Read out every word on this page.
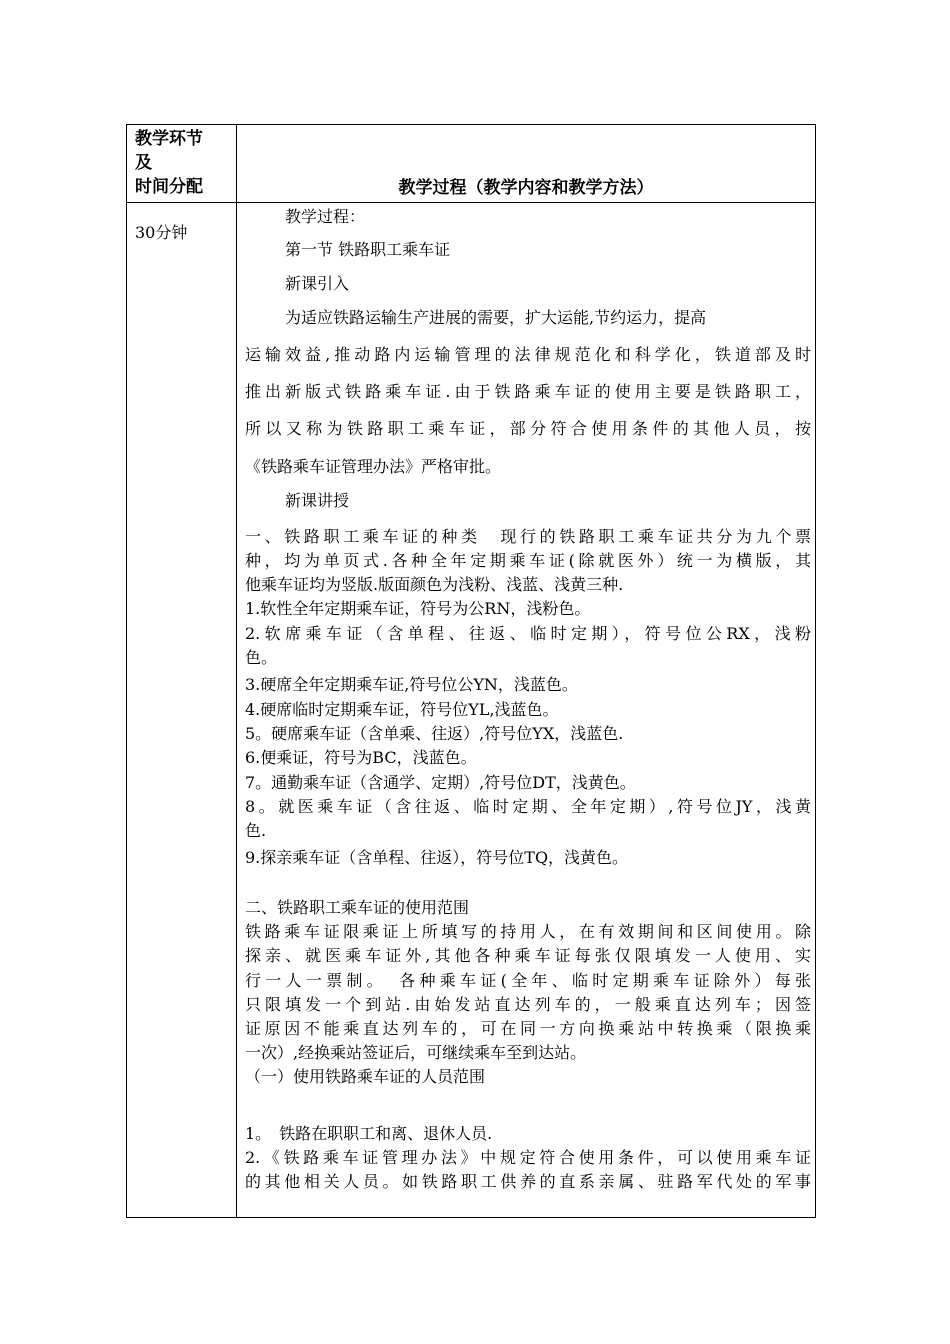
教学环节
及
时间分配	教学过程（教学内容和教学方法）
30分钟
教学过程：
第一节 铁路职工乘车证
新课引入
为适应铁路运输生产进展的需要，扩大运能,节约运力，提高
运输效益,推动路内运输管理的法律规范化和科学化，铁道部及时
推出新版式铁路乘车证.由于铁路乘车证的使用主要是铁路职工，
所以又称为铁路职工乘车证，部分符合使用条件的其他人员，按
《铁路乘车证管理办法》严格审批。
新课讲授
一、铁路职工乘车证的种类　现行的铁路职工乘车证共分为九个票
种，均为单页式.各种全年定期乘车证(除就医外）统一为横版，其
他乘车证均为竖版.版面颜色为浅粉、浅蓝、浅黄三种.
1.软性全年定期乘车证，符号为公RN，浅粉色。
2.软席乘车证（含单程、往返、临时定期），符号位公RX，浅粉
色。
3.硬席全年定期乘车证,符号位公YN，浅蓝色。
4.硬席临时定期乘车证，符号位YL,浅蓝色。
5。硬席乘车证（含单乘、往返）,符号位YX，浅蓝色.
6.便乘证，符号为BC，浅蓝色。
7。通勤乘车证（含通学、定期）,符号位DT，浅黄色。
8。就医乘车证（含往返、临时定期、全年定期）,符号位JY，浅黄
色.
9.探亲乘车证（含单程、往返），符号位TQ，浅黄色。
二、铁路职工乘车证的使用范围
铁路乘车证限乘证上所填写的持用人，在有效期间和区间使用。除
探亲、就医乘车证外,其他各种乘车证每张仅限填发一人使用、实
行一人一票制。　各种乘车证(全年、临时定期乘车证除外）每张
只限填发一个到站.由始发站直达列车的，一般乘直达列车；因签
证原因不能乘直达列车的，可在同一方向换乘站中转换乘（限换乘
一次）,经换乘站签证后，可继续乘车至到达站。
（一）使用铁路乘车证的人员范围
1。　铁路在职职工和离、退休人员.
2.《铁路乘车证管理办法》中规定符合使用条件，可以使用乘车证
的其他相关人员。如铁路职工供养的直系亲属、驻路军代处的军事
